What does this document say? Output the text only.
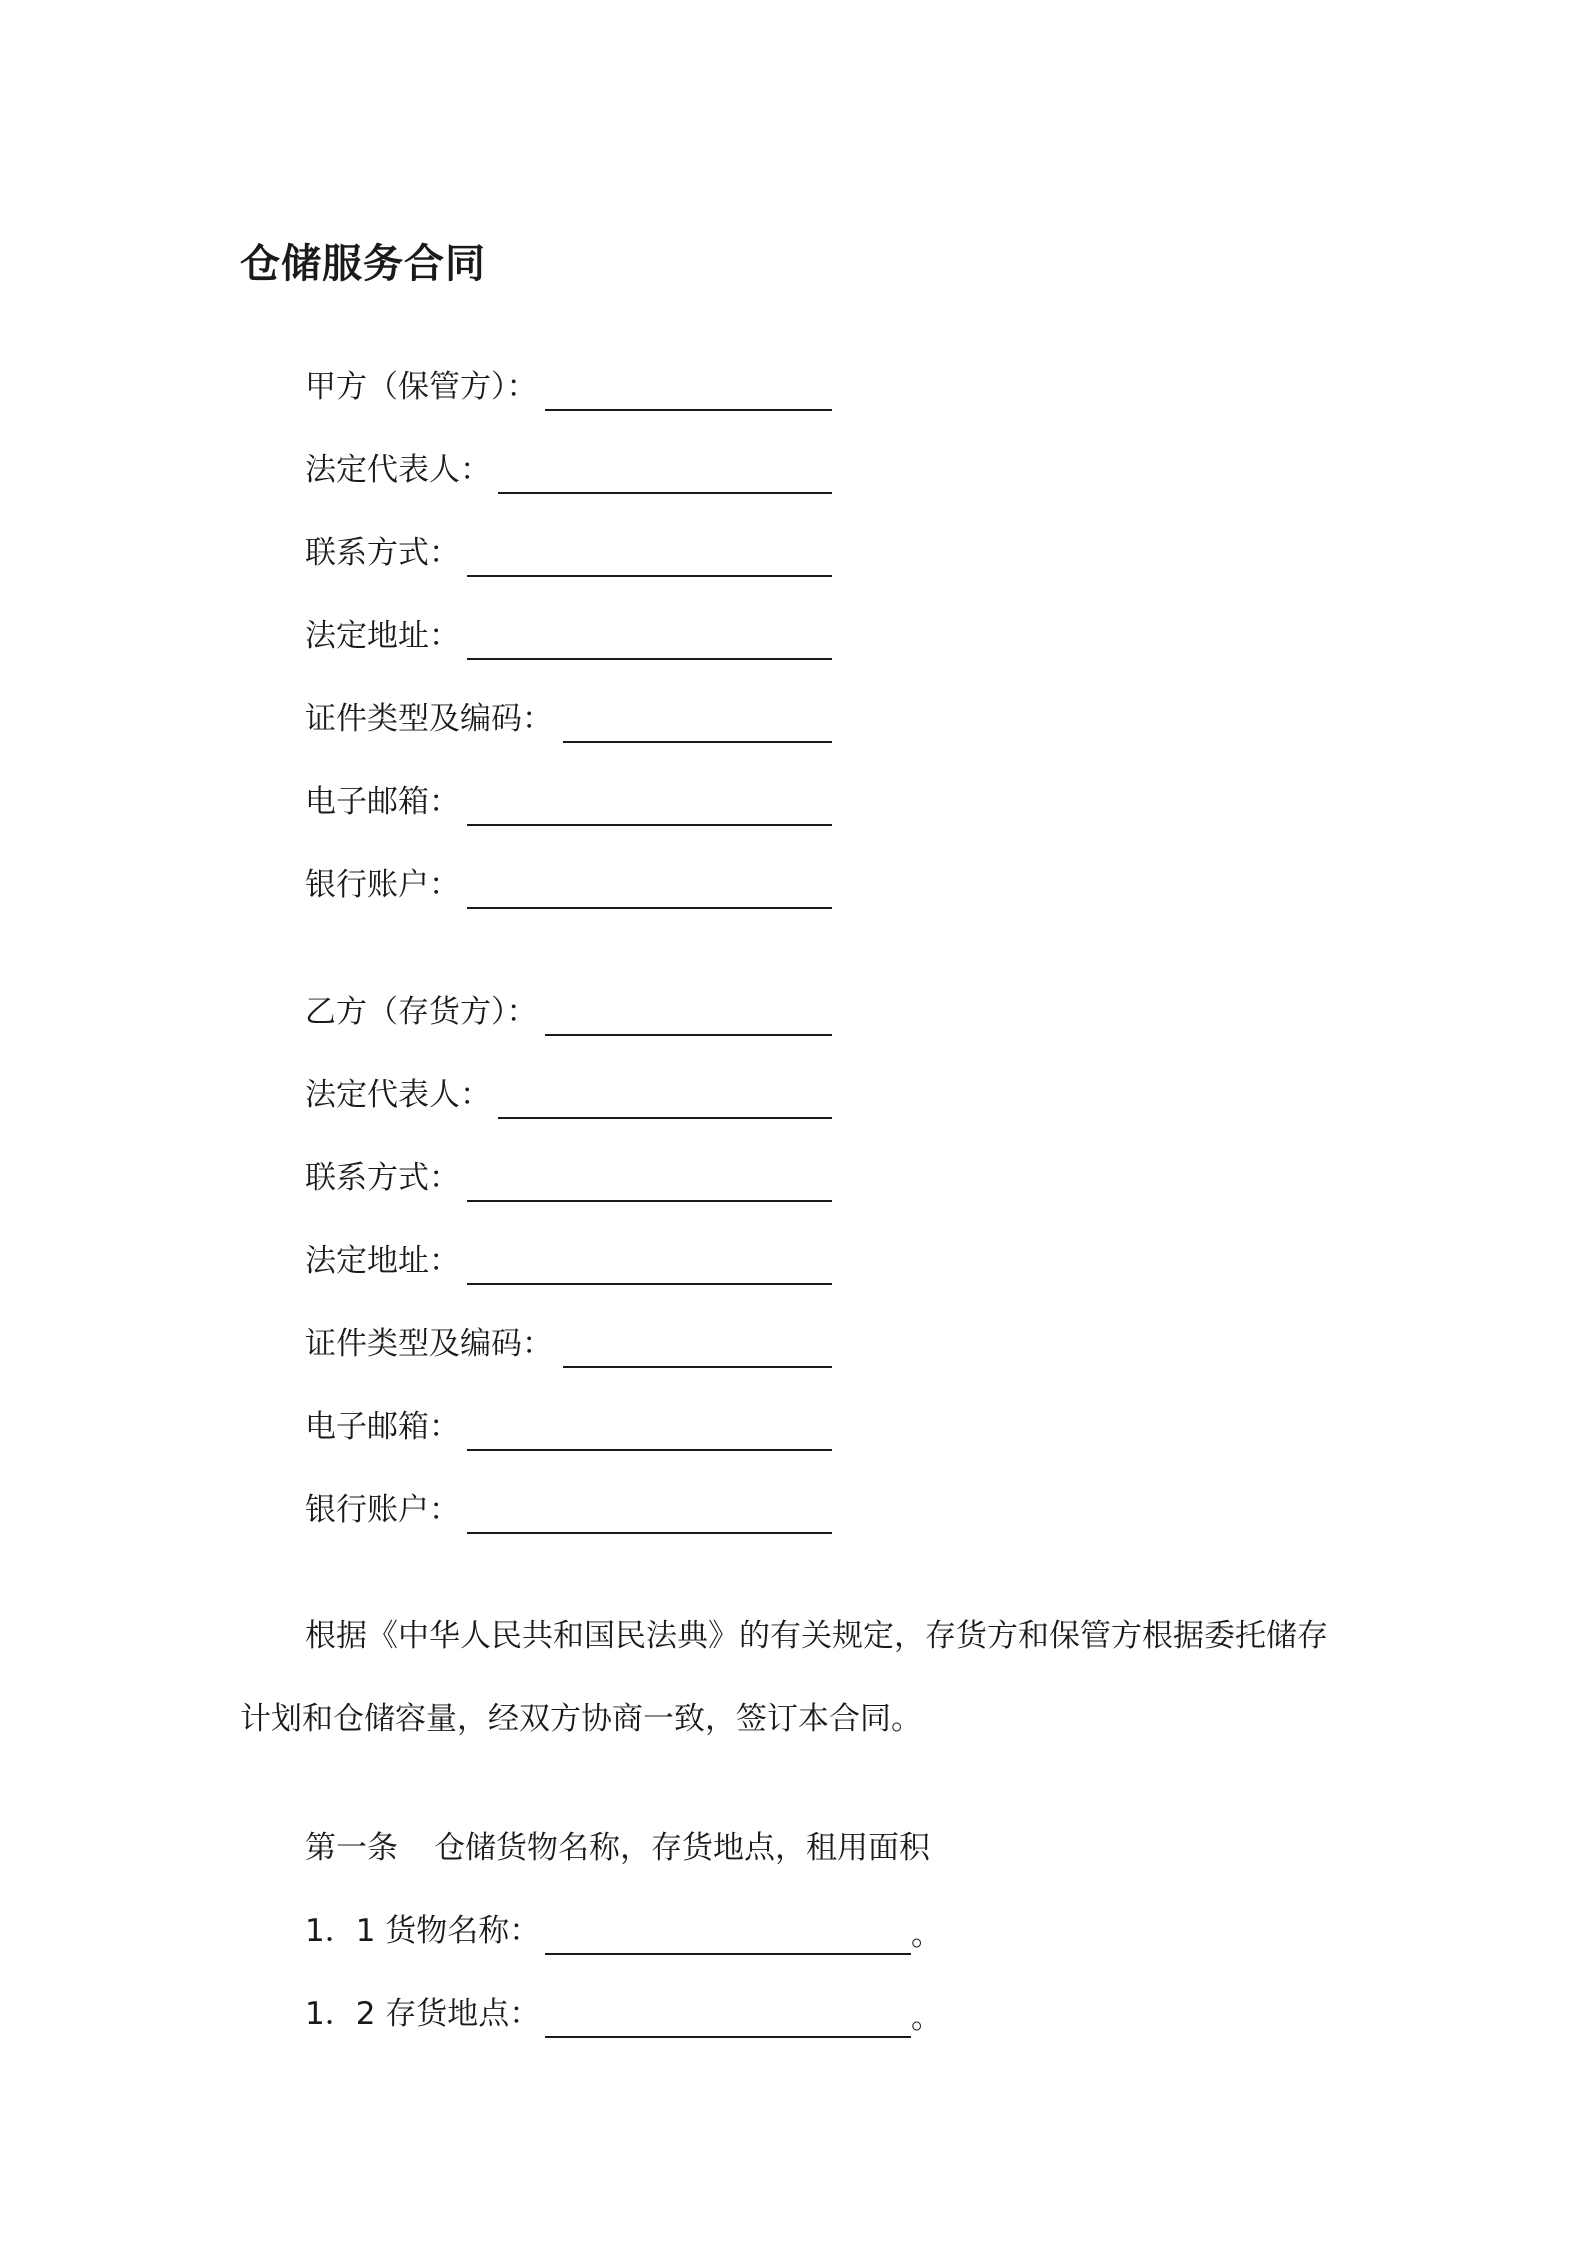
仓储服务合同
甲方（保管方）：
法定代表人：
联系方式：
法定地址：
证件类型及编码：
电子邮箱：
银行账户：
乙方（存货方）：
法定代表人：
联系方式：
法定地址：
证件类型及编码：
电子邮箱：
银行账户：
根据《中华人民共和国民法典》的有关规定，存货方和保管方根据委托储存
计划和仓储容量，经双方协商一致，签订本合同。
第一条 仓储货物名称，存货地点，租用面积
1．1 货物名称：	。
1．2 存货地点：	。
